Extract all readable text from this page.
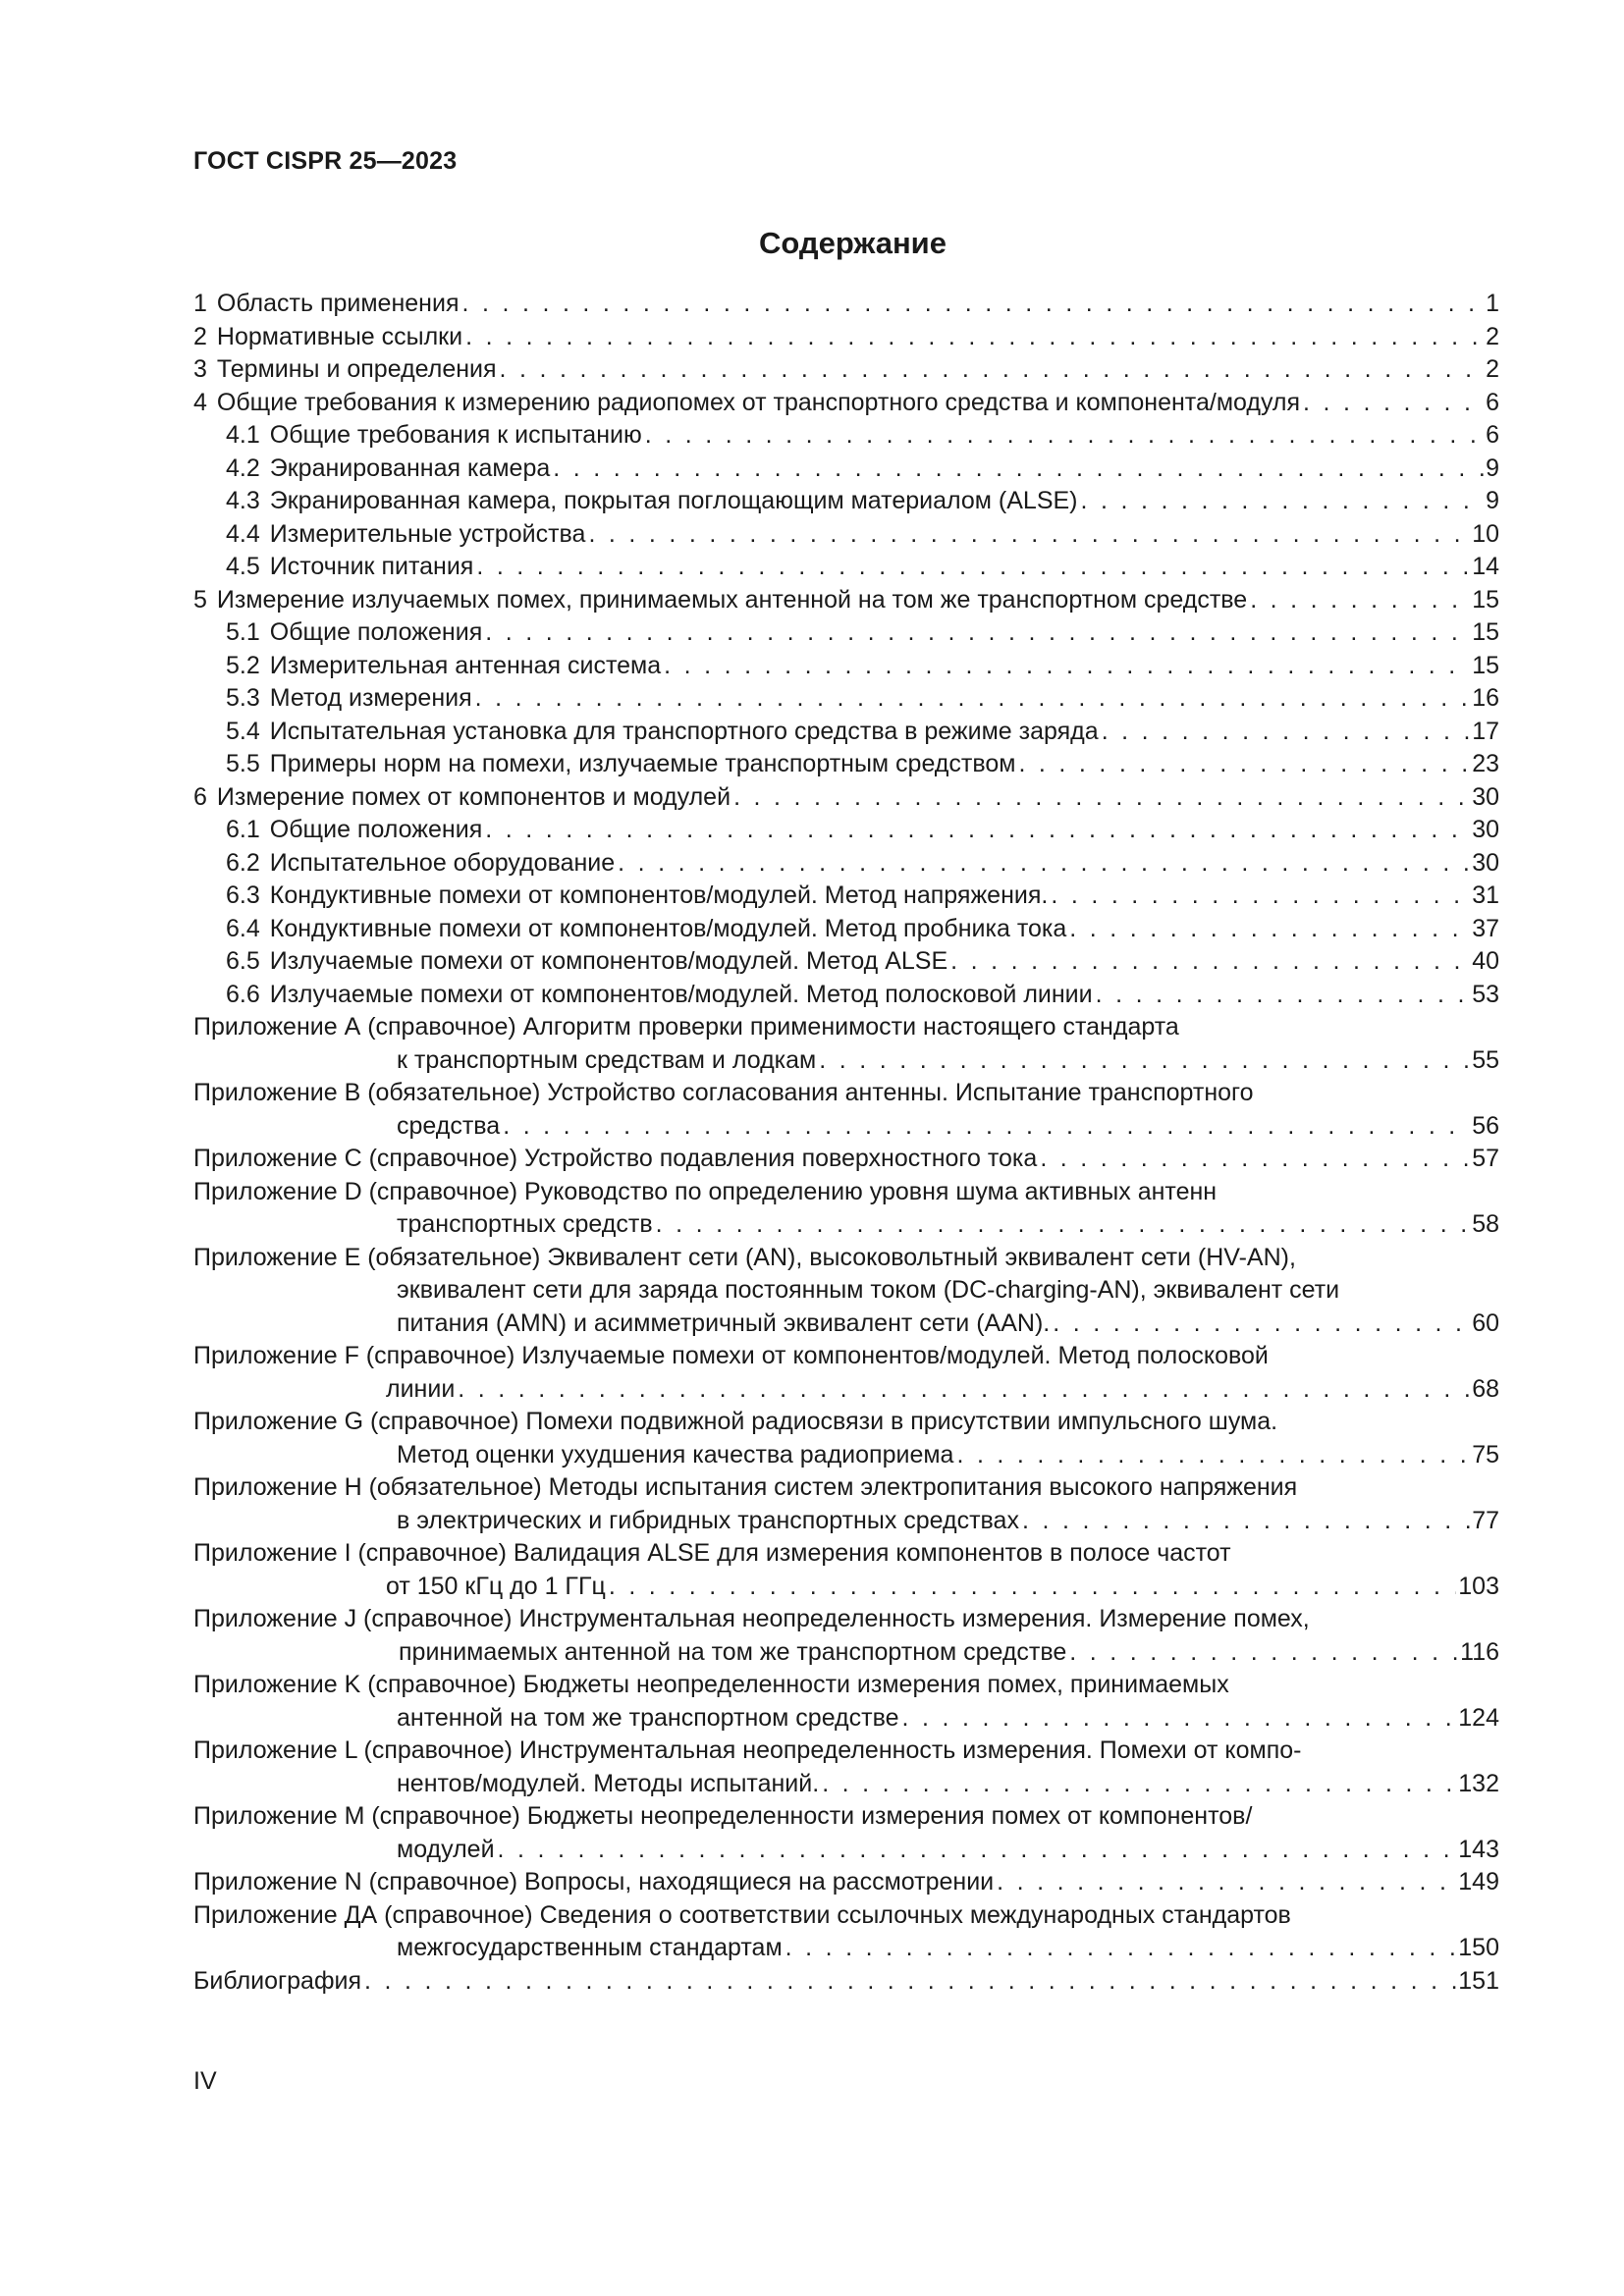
ГОСТ CISPR 25—2023
Содержание
1 Область применения . . .	1
2 Нормативные ссылки . . .	2
3 Термины и определения . . .	2
4 Общие требования к измерению радиопомех от транспортного средства и компонента/модуля . . .	6
4.1 Общие требования к испытанию . . .	6
4.2 Экранированная камера . . .	9
4.3 Экранированная камера, покрытая поглощающим материалом (ALSE) . . .	9
4.4 Измерительные устройства . . .	10
4.5 Источник питания . . .	14
5 Измерение излучаемых помех, принимаемых антенной на том же транспортном средстве . . .	15
5.1 Общие положения . . .	15
5.2 Измерительная антенная система . . .	15
5.3 Метод измерения . . .	16
5.4 Испытательная установка для транспортного средства в режиме заряда . . .	17
5.5 Примеры норм на помехи, излучаемые транспортным средством . . .	23
6 Измерение помех от компонентов и модулей . . .	30
6.1 Общие положения . . .	30
6.2 Испытательное оборудование . . .	30
6.3 Кондуктивные помехи от компонентов/модулей. Метод напряжения. . . .	31
6.4 Кондуктивные помехи от компонентов/модулей. Метод пробника тока . . .	37
6.5 Излучаемые помехи от компонентов/модулей. Метод ALSE . . .	40
6.6 Излучаемые помехи от компонентов/модулей. Метод полосковой линии . . .	53
Приложение А (справочное) Алгоритм проверки применимости настоящего стандарта
к транспортным средствам и лодкам . . .	55
Приложение В (обязательное) Устройство согласования антенны. Испытание транспортного
средства . . .	56
Приложение С (справочное) Устройство подавления поверхностного тока . . .	57
Приложение D (справочное) Руководство по определению уровня шума активных антенн
транспортных средств . . .	58
Приложение Е (обязательное) Эквивалент сети (AN), высоковольтный эквивалент сети (HV-AN),
эквивалент сети для заряда постоянным током (DC-charging-AN), эквивалент сети
питания (AMN) и асимметричный эквивалент сети (AAN). . . .	60
Приложение F (справочное) Излучаемые помехи от компонентов/модулей. Метод полосковой
линии . . .	68
Приложение G (справочное) Помехи подвижной радиосвязи в присутствии импульсного шума.
Метод оценки ухудшения качества радиоприема . . .	75
Приложение Н (обязательное) Методы испытания систем электропитания высокого напряжения
в электрических и гибридных транспортных средствах . . .	77
Приложение I (справочное) Валидация ALSE для измерения компонентов в полосе частот
от 150 кГц до 1 ГГц . . .	103
Приложение J (справочное) Инструментальная неопределенность измерения. Измерение помех,
принимаемых антенной на том же транспортном средстве . . .	116
Приложение K (справочное) Бюджеты неопределенности измерения помех, принимаемых
антенной на том же транспортном средстве . . .	124
Приложение L (справочное) Инструментальная неопределенность измерения. Помехи от компо-
нентов/модулей. Методы испытаний. . . .	132
Приложение М (справочное) Бюджеты неопределенности измерения помех от компонентов/
модулей . . .	143
Приложение N (справочное) Вопросы, находящиеся на рассмотрении . . .	149
Приложение ДА (справочное) Сведения о соответствии ссылочных международных стандартов
межгосударственным стандартам . . .	150
Библиография . . .	151
IV
